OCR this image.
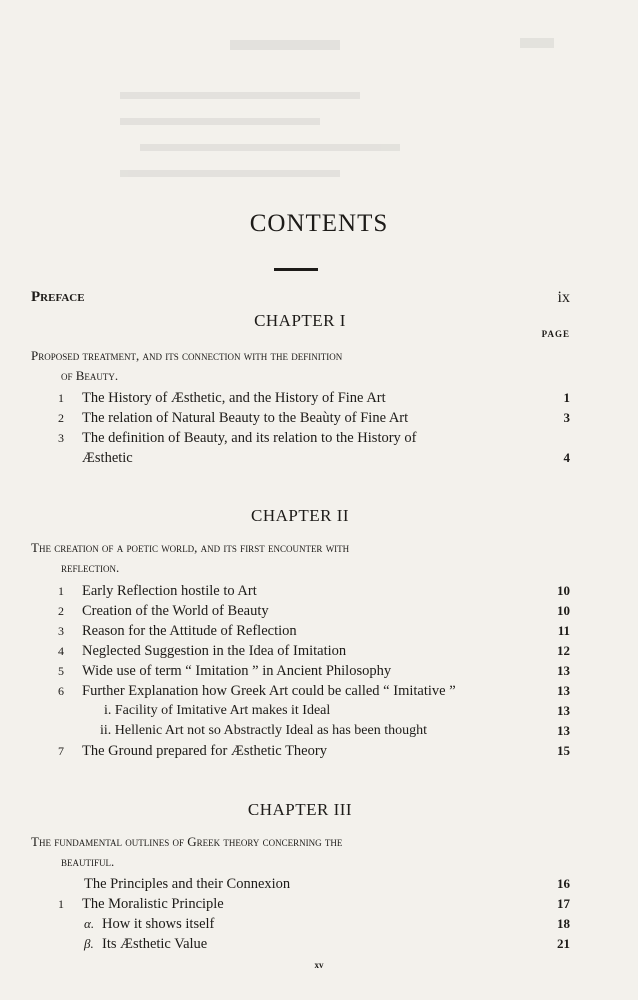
CONTENTS
Preface	ix
CHAPTER I
PAGE
Proposed treatment, and its connection with the definition

of Beauty.
1	The History of Æsthetic, and the History of Fine Art	1
2	The relation of Natural Beauty to the Beaùty of Fine Art	3
3	The definition of Beauty, and its relation to the History of
Æsthetic	4
CHAPTER II
The creation of a poetic world, and its first encounter with

reflection.
1	Early Reflection hostile to Art	10
2	Creation of the World of Beauty	10
3	Reason for the Attitude of Reflection	11
4	Neglected Suggestion in the Idea of Imitation	12
5	Wide use of term “ Imitation ” in Ancient Philosophy	13
6	Further Explanation how Greek Art could be called “ Imitative ”	13
i. Facility of Imitative Art makes it Ideal	13
ii. Hellenic Art not so Abstractly Ideal as has been thought	13
7	The Ground prepared for Æsthetic Theory	15
CHAPTER III
The fundamental outlines of Greek theory concerning the

beautiful.
The Principles and their Connexion	16
1	The Moralistic Principle	17
α. How it shows itself	18
β. Its Æsthetic Value	21
xv
